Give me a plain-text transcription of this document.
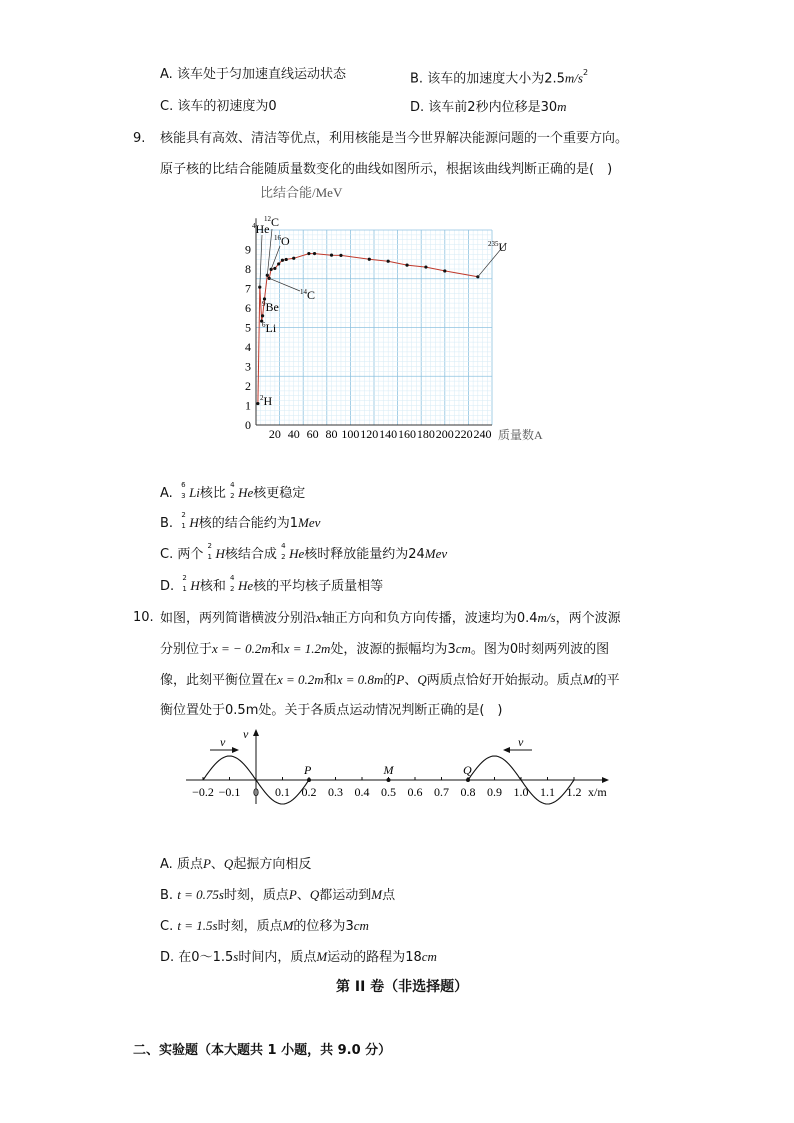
A. 该车处于匀加速直线运动状态	B. 该车的加速度大小为$2.5m/s^2$
C. 该车的初速度为0	D. 该车前2秒内位移是30m
9. 核能具有高效、清洁等优点，利用核能是当今世界解决能源问题的一个重要方向。
原子核的比结合能随质量数变化的曲线如图所示，根据该曲线判断正确的是(　)
20 40 60 80 100 120 140 160 180 200 220 240
1
2
3
4
5
6
7
8
9
比结合能/MeV
质量数A
0
$^4$He
$^{12}$C
$^{16}$O
$^{14}$C
$^9$Be
$^6$Li
$^2$H
$^{235}$U
A.
6
3 Li核比
4
2 He核更稳定
B.
2
1 H核的结合能约为1Mev
C. 两个
2
1 H核结合成
4
2 He核时释放能量约为24Mev
D.
2
1 H核和
4
2 He核的平均核子质量相等
10. 如图，两列简谐横波分别沿x轴正方向和负方向传播，波速均为0.4m/s，两个波源
分别位于x = − 0.2m和x = 1.2m处，波源的振幅均为3cm。图为0时刻两列波的图
像，此刻平衡位置在x = 0.2m和x = 0.8m的P、Q两质点恰好开始振动。质点M的平
衡位置处于0.5m处。关于各质点运动情况判断正确的是(　)
v
x/m
−0.2 −0.1 0 0.1 0.2 0.3 0.4 0.5 0.6 0.7 0.8 0.9 1.0 1.1 1.2
P	M	Q
v	v
A. 质点P、Q起振方向相反
B. t = 0.75s时刻，质点P、Q都运动到M点
C. t = 1.5s时刻，质点M的位移为3cm
D. 在0～1.5s时间内，质点M运动的路程为18cm
第 II 卷（非选择题）
二、实验题（本大题共 1 小题，共 9.0 分）
